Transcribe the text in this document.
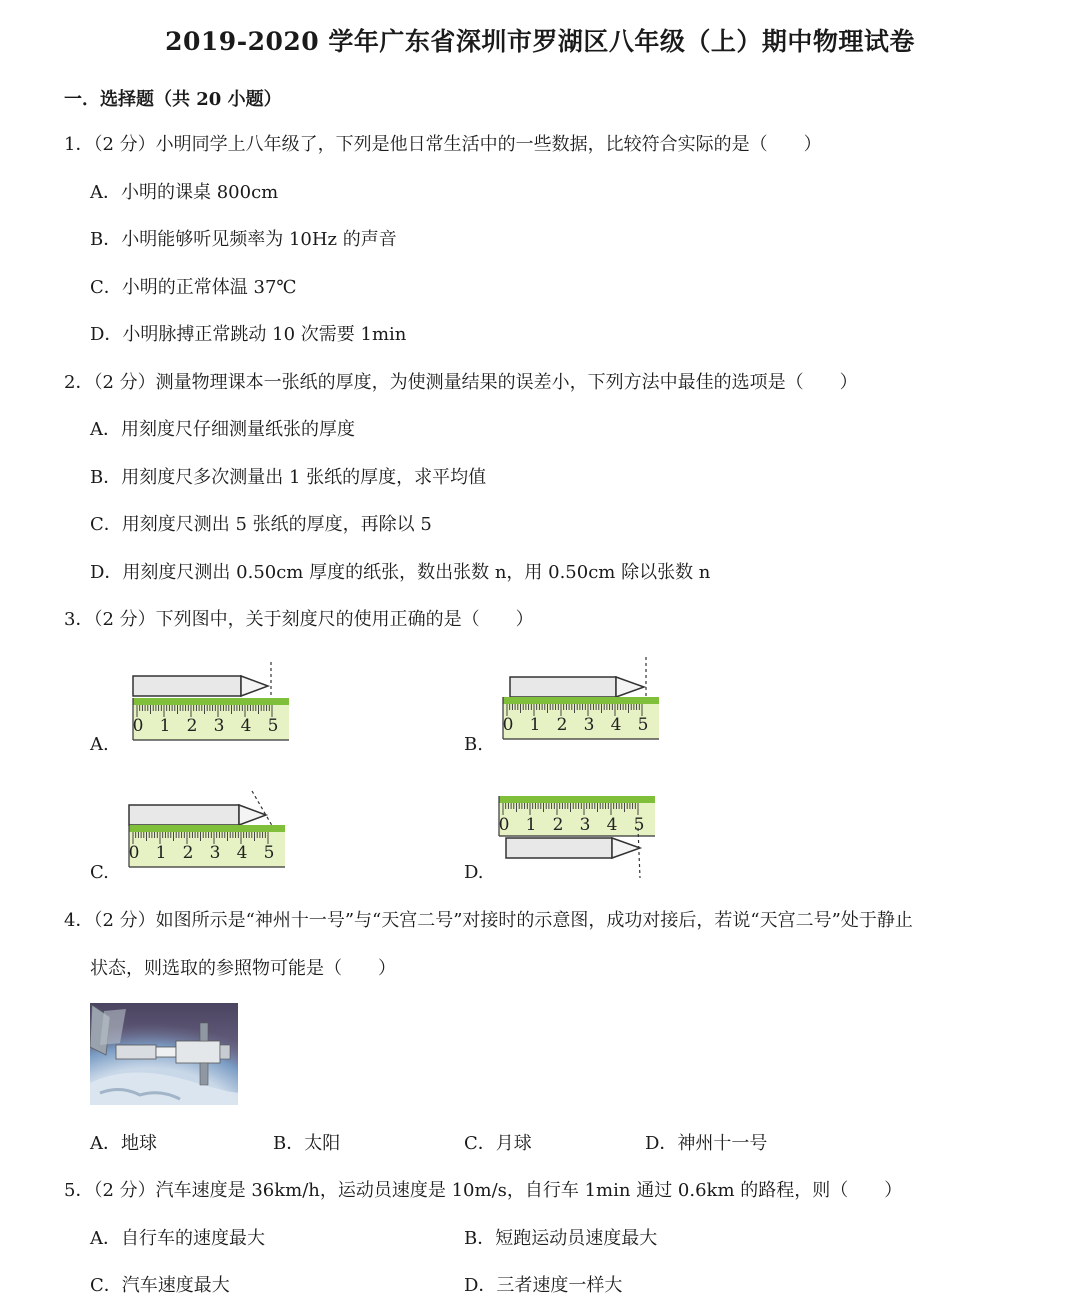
2019-2020 学年广东省深圳市罗湖区八年级（上）期中物理试卷
一．选择题（共 20 小题）
1．（2 分）小明同学上八年级了，下列是他日常生活中的一些数据，比较符合实际的是（　　）
A．小明的课桌 800cm
B．小明能够听见频率为 10Hz 的声音
C．小明的正常体温 37℃
D．小明脉搏正常跳动 10 次需要 1min
2．（2 分）测量物理课本一张纸的厚度，为使测量结果的误差小，下列方法中最佳的选项是（　　）
A．用刻度尺仔细测量纸张的厚度
B．用刻度尺多次测量出 1 张纸的厚度，求平均值
C．用刻度尺测出 5 张纸的厚度，再除以 5
D．用刻度尺测出 0.50cm 厚度的纸张，数出张数 n，用 0.50cm 除以张数 n
3．（2 分）下列图中，关于刻度尺的使用正确的是（　　）
0 1 2 3 4 5
A.
0 1 2 3 4 5
B.
0 1 2 3 4 5
C.
0 1 2 3 4 5
D.
4．（2 分）如图所示是“神州十一号”与“天宫二号”对接时的示意图，成功对接后，若说“天宫二号”处于静止
状态，则选取的参照物可能是（　　）
A．地球	B．太阳	C．月球	D．神州十一号
5．（2 分）汽车速度是 36km/h，运动员速度是 10m/s，自行车 1min 通过 0.6km 的路程，则（　　）
A．自行车的速度最大	B．短跑运动员速度最大
C．汽车速度最大	D．三者速度一样大
